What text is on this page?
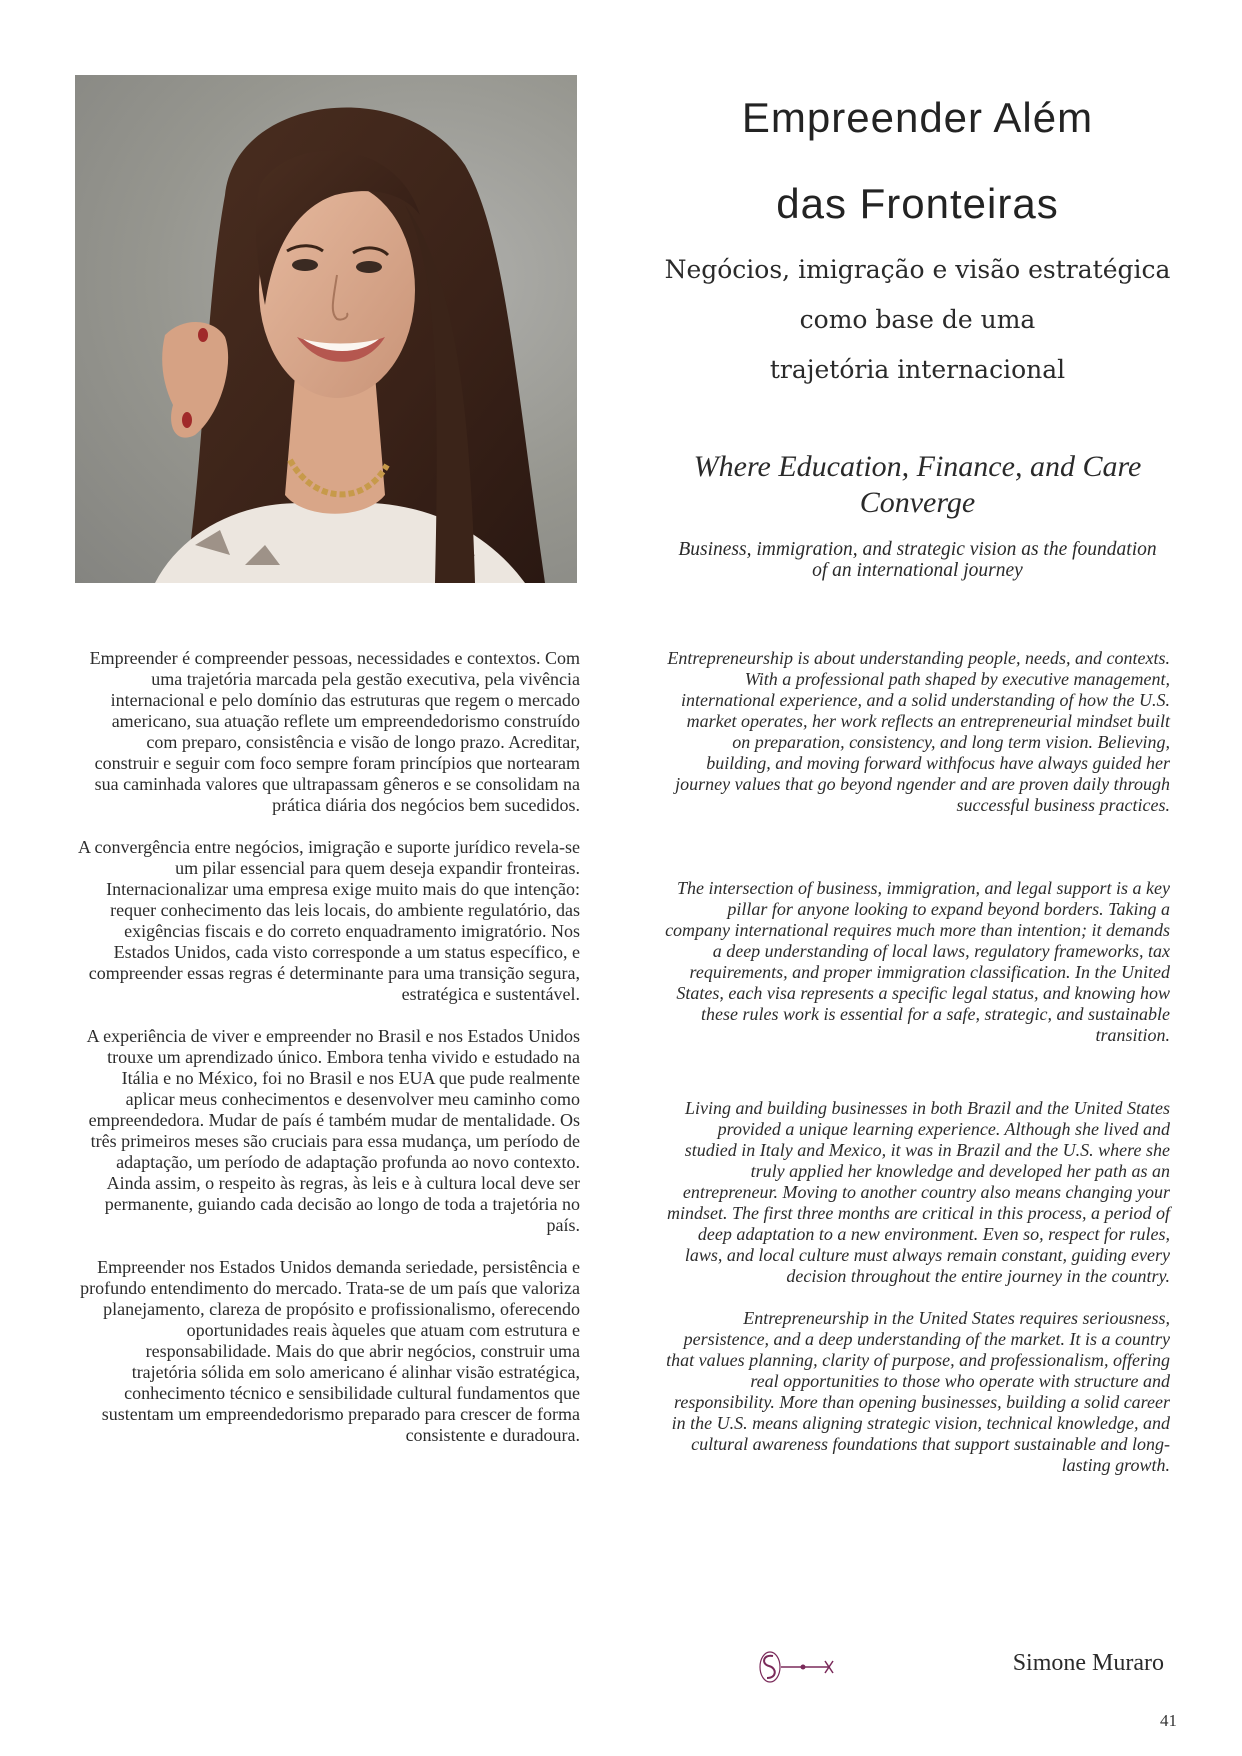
Empreender Além
das Fronteiras
Negócios, imigração e visão estratégica
como base de uma
trajetória internacional
Where Education, Finance, and Care Converge
Business, immigration, and strategic vision as the foundation of an international journey

Empreender é compreender pessoas, necessidades e contextos. Com uma trajetória marcada pela gestão executiva, pela vivência internacional e pelo domínio das estruturas que regem o mercado americano, sua atuação reflete um empreendedorismo construído com preparo, consistência e visão de longo prazo. Acreditar, construir e seguir com foco sempre foram princípios que nortearam sua caminhada valores que ultrapassam gêneros e se consolidam na prática diária dos negócios bem sucedidos.

A convergência entre negócios, imigração e suporte jurídico revela-se um pilar essencial para quem deseja expandir fronteiras. Internacionalizar uma empresa exige muito mais do que intenção: requer conhecimento das leis locais, do ambiente regulatório, das exigências fiscais e do correto enquadramento imigratório. Nos Estados Unidos, cada visto corresponde a um status específico, e compreender essas regras é determinante para uma transição segura, estratégica e sustentável.

A experiência de viver e empreender no Brasil e nos Estados Unidos trouxe um aprendizado único. Embora tenha vivido e estudado na Itália e no México, foi no Brasil e nos EUA que pude realmente aplicar meus conhecimentos e desenvolver meu caminho como empreendedora. Mudar de país é também mudar de mentalidade. Os três primeiros meses são cruciais para essa mudança, um período de adaptação, um período de adaptação profunda ao novo contexto. Ainda assim, o respeito às regras, às leis e à cultura local deve ser permanente, guiando cada decisão ao longo de toda a trajetória no país.

Empreender nos Estados Unidos demanda seriedade, persistência e profundo entendimento do mercado. Trata-se de um país que valoriza planejamento, clareza de propósito e profissionalismo, oferecendo oportunidades reais àqueles que atuam com estrutura e responsabilidade. Mais do que abrir negócios, construir uma trajetória sólida em solo americano é alinhar visão estratégica, conhecimento técnico e sensibilidade cultural fundamentos que sustentam um empreendedorismo preparado para crescer de forma consistente e duradoura.

Entrepreneurship is about understanding people, needs, and contexts. With a professional path shaped by executive management, international experience, and a solid understanding of how the U.S. market operates, her work reflects an entrepreneurial mindset built on preparation, consistency, and long term vision. Believing, building, and moving forward withfocus have always guided her journey values that go beyond ngender and are proven daily through successful business practices.

The intersection of business, immigration, and legal support is a key pillar for anyone looking to expand beyond borders. Taking a company international requires much more than intention; it demands a deep understanding of local laws, regulatory frameworks, tax requirements, and proper immigration classification. In the United States, each visa represents a specific legal status, and knowing how these rules work is essential for a safe, strategic, and sustainable transition.

Living and building businesses in both Brazil and the United States provided a unique learning experience. Although she lived and studied in Italy and Mexico, it was in Brazil and the U.S. where she truly applied her knowledge and developed her path as an entrepreneur. Moving to another country also means changing your mindset. The first three months are critical in this process, a period of deep adaptation to a new environment. Even so, respect for rules, laws, and local culture must always remain constant, guiding every decision throughout the entire journey in the country.

Entrepreneurship in the United States requires seriousness, persistence, and a deep understanding of the market. It is a country that values planning, clarity of purpose, and professionalism, offering real opportunities to those who operate with structure and responsibility. More than opening businesses, building a solid career in the U.S. means aligning strategic vision, technical knowledge, and cultural awareness foundations that support sustainable and long-lasting growth.

Simone Muraro
41
